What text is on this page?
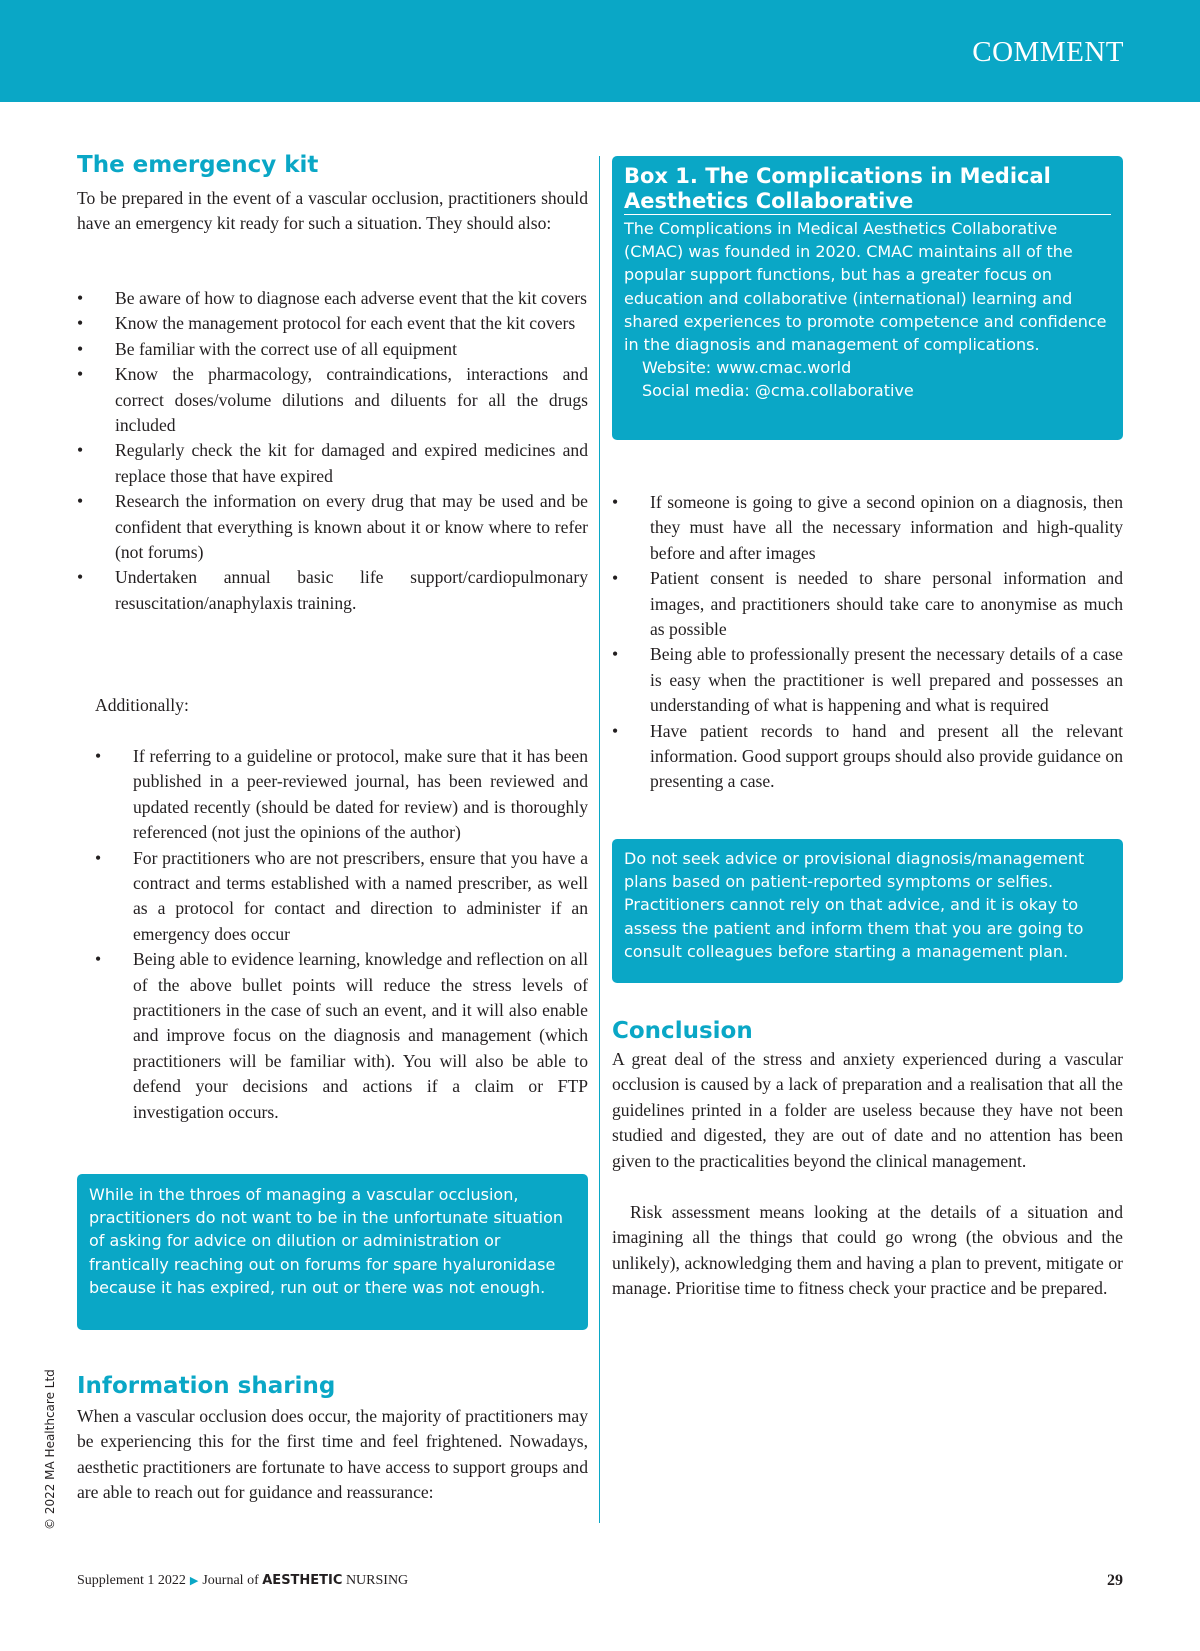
COMMENT
The emergency kit

To be prepared in the event of a vascular occlusion, practitioners should have an emergency kit ready for such a situation. They should also:

•	Be aware of how to diagnose each adverse event that the kit covers
•	Know the management protocol for each event that the kit covers
•	Be familiar with the correct use of all equipment
•	Know the pharmacology, contraindications, interactions and correct doses/volume dilutions and diluents for all the drugs included
•	Regularly check the kit for damaged and expired medicines and replace those that have expired
•	Research the information on every drug that may be used and be confident that everything is known about it or know where to refer (not forums)
•	Undertaken annual basic life support/cardiopulmonary resuscitation/anaphylaxis training.

Additionally:

•	If referring to a guideline or protocol, make sure that it has been published in a peer-reviewed journal, has been reviewed and updated recently (should be dated for review) and is thoroughly referenced (not just the opinions of the author)
•	For practitioners who are not prescribers, ensure that you have a contract and terms established with a named prescriber, as well as a protocol for contact and direction to administer if an emergency does occur
•	Being able to evidence learning, knowledge and reflection on all of the above bullet points will reduce the stress levels of practitioners in the case of such an event, and it will also enable and improve focus on the diagnosis and management (which practitioners will be familiar with). You will also be able to defend your decisions and actions if a claim or FTP investigation occurs.
While in the throes of managing a vascular occlusion, practitioners do not want to be in the unfortunate situation of asking for advice on dilution or administration or frantically reaching out on forums for spare hyaluronidase because it has expired, run out or there was not enough.
Information sharing

When a vascular occlusion does occur, the majority of practitioners may be experiencing this for the first time and feel frightened. Nowadays, aesthetic practitioners are fortunate to have access to support groups and are able to reach out for guidance and reassurance:

Box 1. The Complications in Medical Aesthetics Collaborative
The Complications in Medical Aesthetics Collaborative (CMAC) was founded in 2020. CMAC maintains all of the popular support functions, but has a greater focus on education and collaborative (international) learning and shared experiences to promote competence and confidence in the diagnosis and management of complications.
Website: www.cmac.world
Social media: @cma.collaborative
•	If someone is going to give a second opinion on a diagnosis, then they must have all the necessary information and high-quality before and after images
•	Patient consent is needed to share personal information and images, and practitioners should take care to anonymise as much as possible
•	Being able to professionally present the necessary details of a case is easy when the practitioner is well prepared and possesses an understanding of what is happening and what is required
•	Have patient records to hand and present all the relevant information. Good support groups should also provide guidance on presenting a case.
Do not seek advice or provisional diagnosis/management plans based on patient-reported symptoms or selfies. Practitioners cannot rely on that advice, and it is okay to assess the patient and inform them that you are going to consult colleagues before starting a management plan.
Conclusion

A great deal of the stress and anxiety experienced during a vascular occlusion is caused by a lack of preparation and a realisation that all the guidelines printed in a folder are useless because they have not been studied and digested, they are out of date and no attention has been given to the practicalities beyond the clinical management.

Risk assessment means looking at the details of a situation and imagining all the things that could go wrong (the obvious and the unlikely), acknowledging them and having a plan to prevent, mitigate or manage. Prioritise time to fitness check your practice and be prepared.

© 2022 MA Healthcare Ltd
Supplement 1 2022 ▶ Journal of AESTHETIC NURSING	29
